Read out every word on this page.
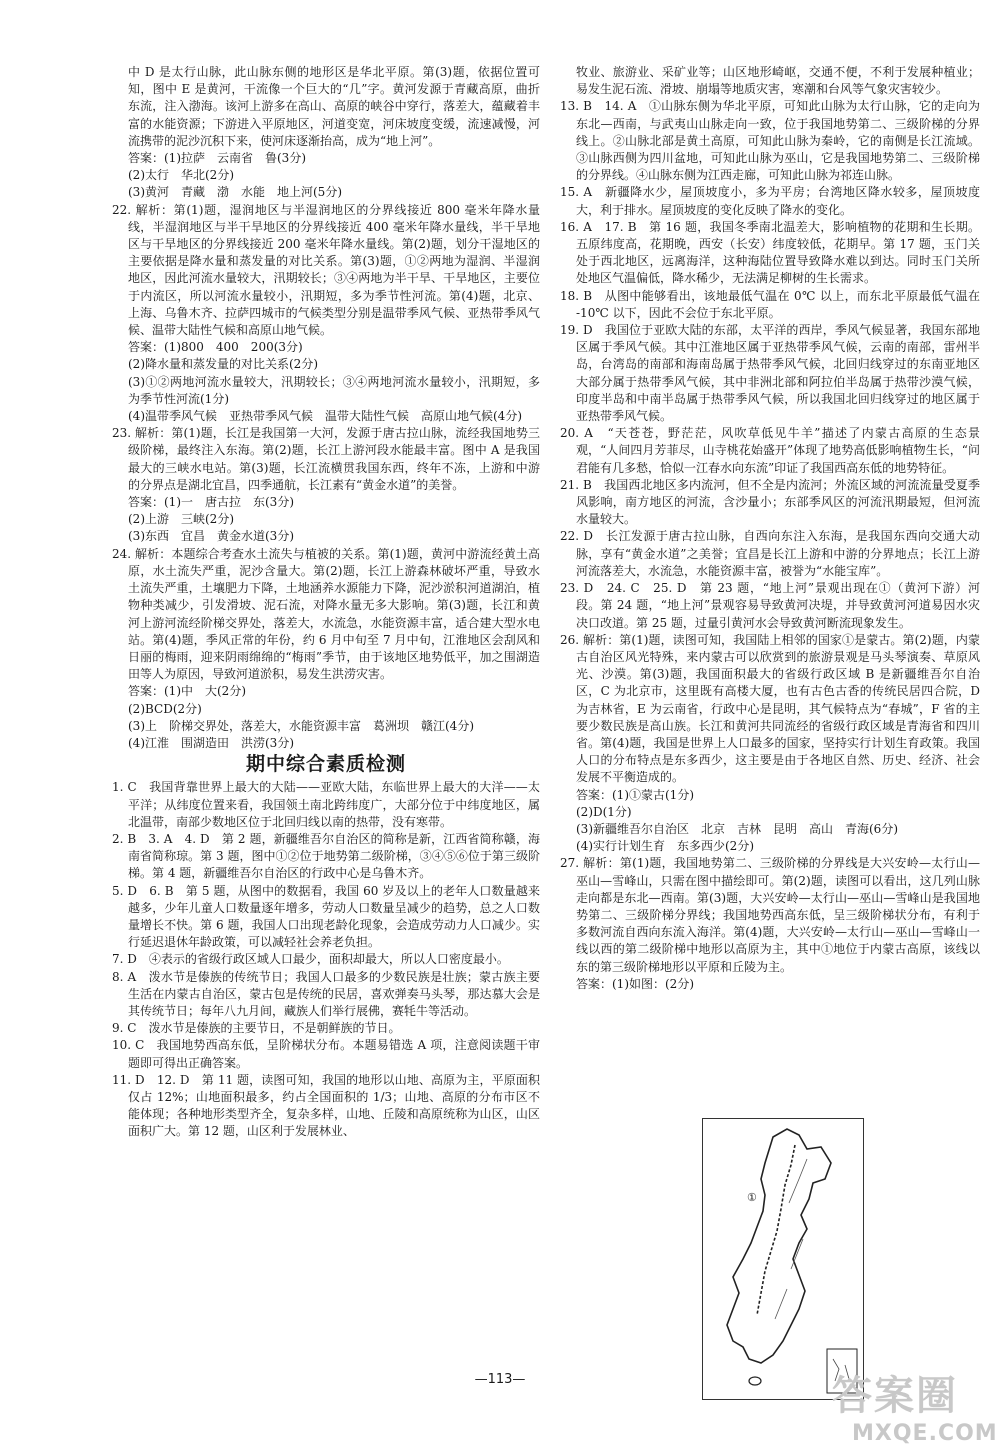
中 D 是太行山脉，此山脉东侧的地形区是华北平原。第(3)题，依据位置可知，图中 E 是黄河，干流像一个巨大的“几”字。黄河发源于青藏高原，曲折东流，注入渤海。该河上游多在高山、高原的峡谷中穿行，落差大，蕴藏着丰富的水能资源；下游进入平原地区，河道变宽，河床坡度变缓，流速减慢，河流携带的泥沙沉积下来，使河床逐渐抬高，成为“地上河”。

答案：(1)拉萨　云南省　鲁(3分)

(2)太行　华北(2分)

(3)黄河　青藏　渤　水能　地上河(5分)

22. 解析：第(1)题，湿润地区与半湿润地区的分界线接近 800 毫米年降水量线，半湿润地区与半干旱地区的分界线接近 400 毫米年降水量线，半干旱地区与干旱地区的分界线接近 200 毫米年降水量线。第(2)题，划分干湿地区的主要依据是降水量和蒸发量的对比关系。第(3)题，①②两地为湿润、半湿润地区，因此河流水量较大，汛期较长；③④两地为半干旱、干旱地区，主要位于内流区，所以河流水量较小，汛期短，多为季节性河流。第(4)题，北京、上海、乌鲁木齐、拉萨四城市的气候类型分别是温带季风气候、亚热带季风气候、温带大陆性气候和高原山地气候。

答案：(1)800　400　200(3分)

(2)降水量和蒸发量的对比关系(2分)

(3)①②两地河流水量较大，汛期较长；③④两地河流水量较小，汛期短，多为季节性河流(1分)

(4)温带季风气候　亚热带季风气候　温带大陆性气候　高原山地气候(4分)

23. 解析：第(1)题，长江是我国第一大河，发源于唐古拉山脉，流经我国地势三级阶梯，最终注入东海。第(2)题，长江上游河段水能最丰富。图中 A 是我国最大的三峡水电站。第(3)题，长江流横贯我国东西，终年不冻，上游和中游的分界点是湖北宜昌，四季通航，长江素有“黄金水道”的美誉。

答案：(1)一　唐古拉　东(3分)

(2)上游　三峡(2分)

(3)东西　宜昌　黄金水道(3分)

24. 解析：本题综合考查水土流失与植被的关系。第(1)题，黄河中游流经黄土高原，水土流失严重，泥沙含量大。第(2)题，长江上游森林破坏严重，导致水土流失严重，土壤肥力下降，土地涵养水源能力下降，泥沙淤积河道湖泊，植物种类减少，引发滑坡、泥石流，对降水量无多大影响。第(3)题，长江和黄河上游河流经阶梯交界处，落差大，水流急，水能资源丰富，适合建大型水电站。第(4)题，季风正常的年份，约 6 月中旬至 7 月中旬，江淮地区会刮风和日丽的梅雨，迎来阴雨绵绵的“梅雨”季节，由于该地区地势低平，加之围湖造田等人为原因，导致河道淤积，易发生洪涝灾害。

答案：(1)中　大(2分)

(2)BCD(2分)

(3)上　阶梯交界处，落差大，水能资源丰富　葛洲坝　赣江(4分)

(4)江淮　围湖造田　洪涝(3分)

期中综合素质检测

1. C　我国背靠世界上最大的大陆——亚欧大陆，东临世界上最大的大洋——太平洋；从纬度位置来看，我国领土南北跨纬度广，大部分位于中纬度地区，属北温带，南部少数地区位于北回归线以南的热带，没有寒带。

2. B　3. A　4. D　第 2 题，新疆维吾尔自治区的简称是新，江西省简称赣，海南省简称琼。第 3 题，图中①②位于地势第二级阶梯，③④⑤⑥位于第三级阶梯。第 4 题，新疆维吾尔自治区的行政中心是乌鲁木齐。

5. D　6. B　第 5 题，从图中的数据看，我国 60 岁及以上的老年人口数量越来越多，少年儿童人口数量逐年增多，劳动人口数量呈减少的趋势，总之人口数量增长不快。第 6 题，我国人口出现老龄化现象，会造成劳动力人口减少。实行延迟退休年龄政策，可以减轻社会养老负担。

7. D　④表示的省级行政区域人口最少，面积却最大，所以人口密度最小。

8. A　泼水节是傣族的传统节日；我国人口最多的少数民族是壮族；蒙古族主要生活在内蒙古自治区，蒙古包是传统的民居，喜欢弹奏马头琴，那达慕大会是其传统节日；每年八九月间，藏族人们举行展佛，赛牦牛等活动。

9. C　泼水节是傣族的主要节日，不是朝鲜族的节日。

10. C　我国地势西高东低，呈阶梯状分布。本题易错选 A 项，注意阅读题干审题即可得出正确答案。

11. D　12. D　第 11 题，读图可知，我国的地形以山地、高原为主，平原面积仅占 12%；山地面积最多，约占全国面积的 1/3；山地、高原的分布市区不能体现；各种地形类型齐全，复杂多样，山地、丘陵和高原统称为山区，山区面积广大。第 12 题，山区利于发展林业、

牧业、旅游业、采矿业等；山区地形崎岖，交通不便，不利于发展种植业；易发生泥石流、滑坡、崩塌等地质灾害，寒潮和台风等气象灾害较少。

13. B　14. A　①山脉东侧为华北平原，可知此山脉为太行山脉，它的走向为东北—西南，与武夷山山脉走向一致，位于我国地势第二、三级阶梯的分界线上。②山脉北部是黄土高原，可知此山脉为秦岭，它的南侧是长江流域。③山脉西侧为四川盆地，可知此山脉为巫山，它是我国地势第二、三级阶梯的分界线。④山脉东侧为江西走廊，可知此山脉为祁连山脉。

15. A　新疆降水少，屋顶坡度小，多为平房；台湾地区降水较多，屋顶坡度大，利于排水。屋顶坡度的变化反映了降水的变化。

16. A　17. B　第 16 题，我国冬季南北温差大，影响植物的花期和生长期。五原纬度高，花期晚，西安（长安）纬度较低，花期早。第 17 题，玉门关处于西北地区，远离海洋，这种海陆位置导致降水难以到达。同时玉门关所处地区气温偏低，降水稀少，无法满足柳树的生长需求。

18. B　从图中能够看出，该地最低气温在 0℃ 以上，而东北平原最低气温在 -10℃ 以下，因此不会位于东北平原。

19. D　我国位于亚欧大陆的东部，太平洋的西岸，季风气候显著，我国东部地区属于季风气候。其中江淮地区属于亚热带季风气候，云南的南部，雷州半岛，台湾岛的南部和海南岛属于热带季风气候，北回归线穿过的东南亚地区大部分属于热带季风气候，其中非洲北部和阿拉伯半岛属于热带沙漠气候，印度半岛和中南半岛属于热带季风气候，所以我国北回归线穿过的地区属于亚热带季风气候。

20. A　“天苍苍，野茫茫，风吹草低见牛羊”描述了内蒙古高原的生态景观，“人间四月芳菲尽，山寺桃花始盛开”体现了地势高低影响植物生长，“问君能有几多愁，恰似一江春水向东流”印证了我国西高东低的地势特征。

21. B　我国西北地区多内流河，但不全是内流河；外流区域的河流流量受夏季风影响，南方地区的河流，含沙量小；东部季风区的河流汛期最短，但河流水量较大。

22. D　长江发源于唐古拉山脉，自西向东注入东海，是我国东西向交通大动脉，享有“黄金水道”之美誉；宜昌是长江上游和中游的分界地点；长江上游河流落差大，水流急，水能资源丰富，被誉为“水能宝库”。

23. D　24. C　25. D　第 23 题，“地上河”景观出现在①（黄河下游）河段。第 24 题，“地上河”景观容易导致黄河决堤，并导致黄河河道易因水灾决口改道。第 25 题，过量引黄河水会导致黄河断流现象发生。

26. 解析：第(1)题，读图可知，我国陆上相邻的国家①是蒙古。第(2)题，内蒙古自治区风光特殊，来内蒙古可以欣赏到的旅游景观是马头琴演奏、草原风光、沙漠。第(3)题，我国面积最大的省级行政区域 B 是新疆维吾尔自治区，C 为北京市，这里既有高楼大厦，也有古色古香的传统民居四合院，D 为吉林省，E 为云南省，行政中心是昆明，其气候特点为“春城”，F 省的主要少数民族是高山族。长江和黄河共同流经的省级行政区域是青海省和四川省。第(4)题，我国是世界上人口最多的国家，坚持实行计划生育政策。我国人口的分布特点是东多西少，这主要是由于各地区自然、历史、经济、社会发展不平衡造成的。

答案：(1)①蒙古(1分)

(2)D(1分)

(3)新疆维吾尔自治区　北京　吉林　昆明　高山　青海(6分)

(4)实行计划生育　东多西少(2分)

27. 解析：第(1)题，我国地势第二、三级阶梯的分界线是大兴安岭—太行山—巫山—雪峰山，只需在图中描绘即可。第(2)题，读图可以看出，这几列山脉走向都是东北—西南。第(3)题，大兴安岭—太行山—巫山—雪峰山是我国地势第二、三级阶梯分界线；我国地势西高东低，呈三级阶梯状分布，有利于多数河流自西向东流入海洋。第(4)题，大兴安岭—太行山—巫山—雪峰山一线以西的第二级阶梯中地形以高原为主，其中①地位于内蒙古高原，该线以东的第三级阶梯地形以平原和丘陵为主。

答案：(1)如图：(2分)

①
—113—	答案圈
MXQE.COM
